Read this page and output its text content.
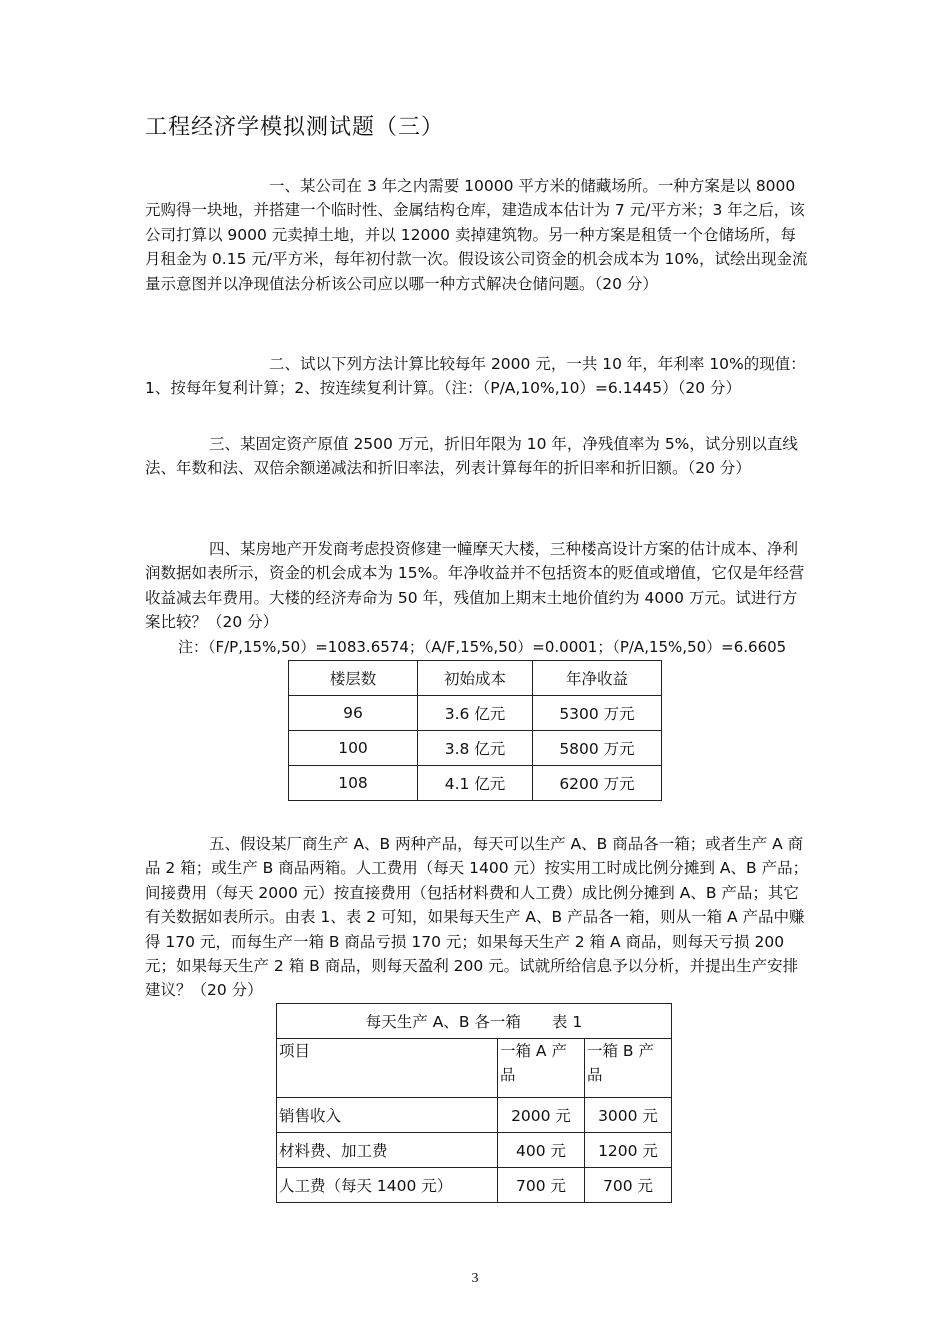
工程经济学模拟测试题（三）

一、某公司在 3 年之内需要 10000 平方米的储藏场所。一种方案是以 8000 元购得一块地，并搭建一个临时性、金属结构仓库，建造成本估计为 7 元/平方米；3 年之后，该公司打算以 9000 元卖掉土地，并以 12000 卖掉建筑物。另一种方案是租赁一个仓储场所，每月租金为 0.15 元/平方米，每年初付款一次。假设该公司资金的机会成本为 10%，试绘出现金流量示意图并以净现值法分析该公司应以哪一种方式解决仓储问题。（20 分）

二、试以下列方法计算比较每年 2000 元，一共 10 年，年利率 10%的现值：1、按每年复利计算；2、按连续复利计算。（注：（P/A,10%,10）=6.1445）（20 分）

三、某固定资产原值 2500 万元，折旧年限为 10 年，净残值率为 5%，试分别以直线法、年数和法、双倍余额递减法和折旧率法，列表计算每年的折旧率和折旧额。（20 分）

四、某房地产开发商考虑投资修建一幢摩天大楼，三种楼高设计方案的估计成本、净利润数据如表所示，资金的机会成本为 15%。年净收益并不包括资本的贬值或增值，它仅是年经营收益减去年费用。大楼的经济寿命为 50 年，残值加上期末土地价值约为 4000 万元。试进行方案比较？（20 分）

注：（F/P,15%,50）=1083.6574；（A/F,15%,50）=0.0001；（P/A,15%,50）=6.6605
楼层数	初始成本	年净收益
96	3.6 亿元	5300 万元
100	3.8 亿元	5800 万元
108	4.1 亿元	6200 万元

五、假设某厂商生产 A、B 两种产品，每天可以生产 A、B 商品各一箱；或者生产 A 商品 2 箱；或生产 B 商品两箱。人工费用（每天 1400 元）按实用工时成比例分摊到 A、B 产品；间接费用（每天 2000 元）按直接费用（包括材料费和人工费）成比例分摊到 A、B 产品；其它有关数据如表所示。由表 1、表 2 可知，如果每天生产 A、B 产品各一箱，则从一箱 A 产品中赚得 170 元，而每生产一箱 B 商品亏损 170 元；如果每天生产 2 箱 A 商品，则每天亏损 200 元；如果每天生产 2 箱 B 商品，则每天盈利 200 元。试就所给信息予以分析，并提出生产安排建议？（20 分）

每天生产 A、B 各一箱　　表 1		
项目	一箱 A 产品	一箱 B 产品
销售收入	2000 元	3000 元
材料费、加工费	400 元	1200 元
人工费（每天 1400 元）	700 元	700 元
3
